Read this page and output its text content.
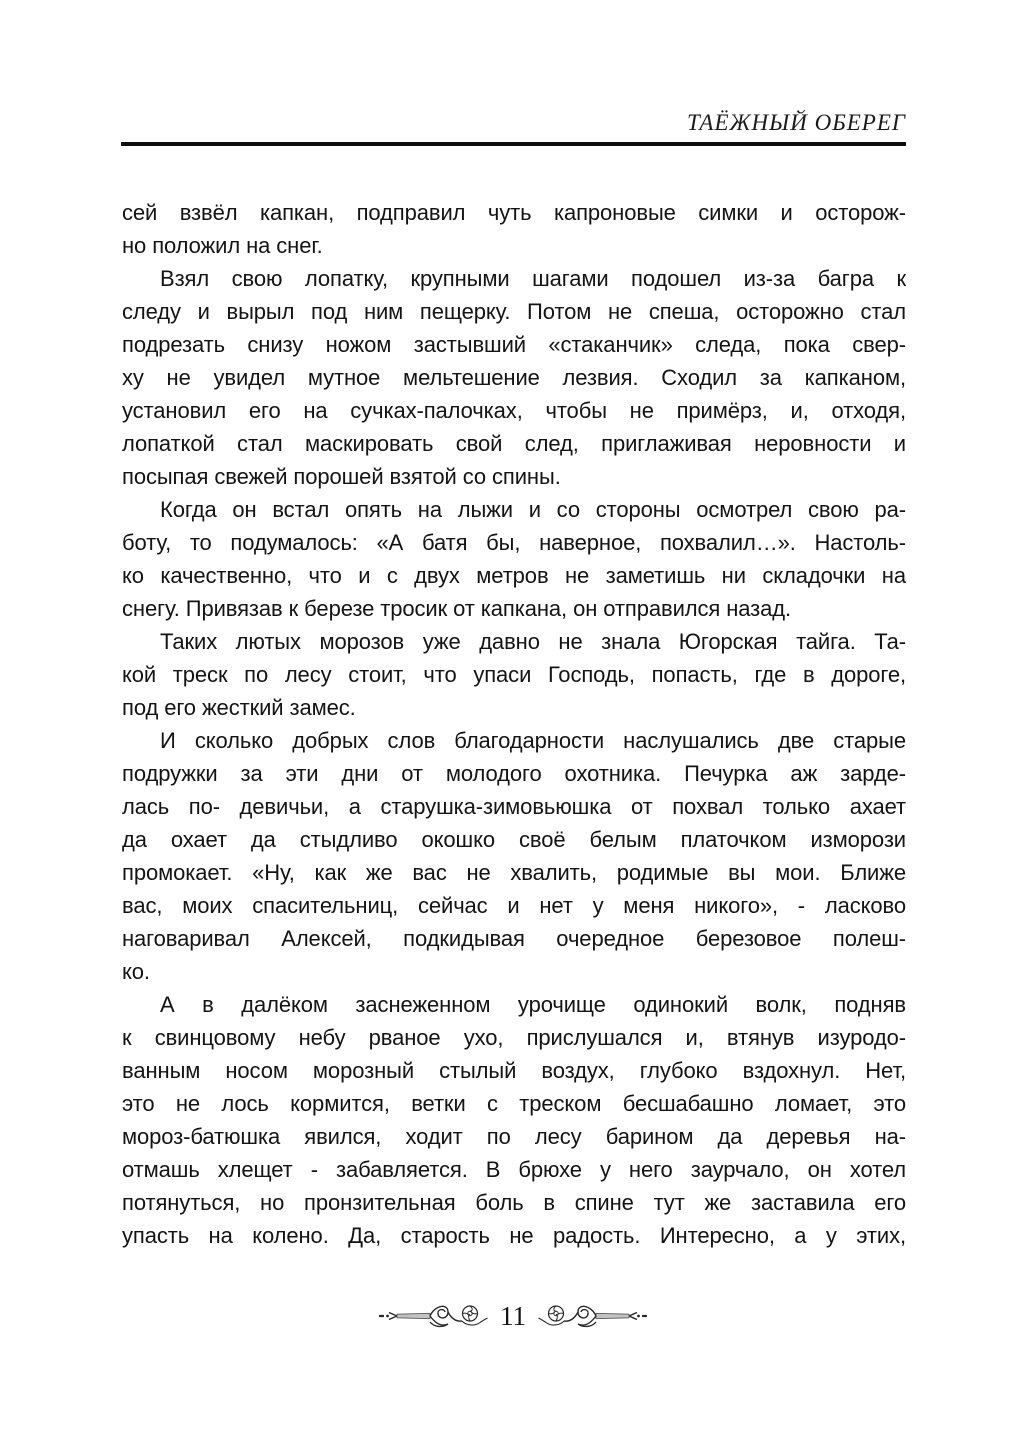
ТАЁЖНЫЙ ОБЕРЕГ
сей взвёл капкан, подправил чуть капроновые симки и осторож-
но положил на снег.
Взял свою лопатку, крупными шагами подошел из-за багра к
следу и вырыл под ним пещерку. Потом не спеша, осторожно стал
подрезать снизу ножом застывший «стаканчик» следа, пока свер-
ху не увидел мутное мельтешение лезвия. Сходил за капканом,
установил его на сучках-палочках, чтобы не примёрз, и, отходя,
лопаткой стал маскировать свой след, приглаживая неровности и
посыпая свежей порошей взятой со спины.
Когда он встал опять на лыжи и со стороны осмотрел свою ра-
боту, то подумалось: «А батя бы, наверное, похвалил…». Настоль-
ко качественно, что и с двух метров не заметишь ни складочки на
снегу. Привязав к березе тросик от капкана, он отправился назад.
Таких лютых морозов уже давно не знала Югорская тайга. Та-
кой треск по лесу стоит, что упаси Господь, попасть, где в дороге,
под его жесткий замес.
И сколько добрых слов благодарности наслушались две старые
подружки за эти дни от молодого охотника. Печурка аж зарде-
лась по- девичьи, а старушка-зимовьюшка от похвал только ахает
да охает да стыдливо окошко своё белым платочком изморози
промокает. «Ну, как же вас не хвалить, родимые вы мои. Ближе
вас, моих спасительниц, сейчас и нет у меня никого», - ласково
наговаривал Алексей, подкидывая очередное березовое полеш-
ко.
А в далёком заснеженном урочище одинокий волк, подняв
к свинцовому небу рваное ухо, прислушался и, втянув изуродо-
ванным носом морозный стылый воздух, глубоко вздохнул. Нет,
это не лось кормится, ветки с треском бесшабашно ломает, это
мороз-батюшка явился, ходит по лесу барином да деревья на-
отмашь хлещет - забавляется. В брюхе у него заурчало, он хотел
потянуться, но пронзительная боль в спине тут же заставила его
упасть на колено. Да, старость не радость. Интересно, а у этих,
11
